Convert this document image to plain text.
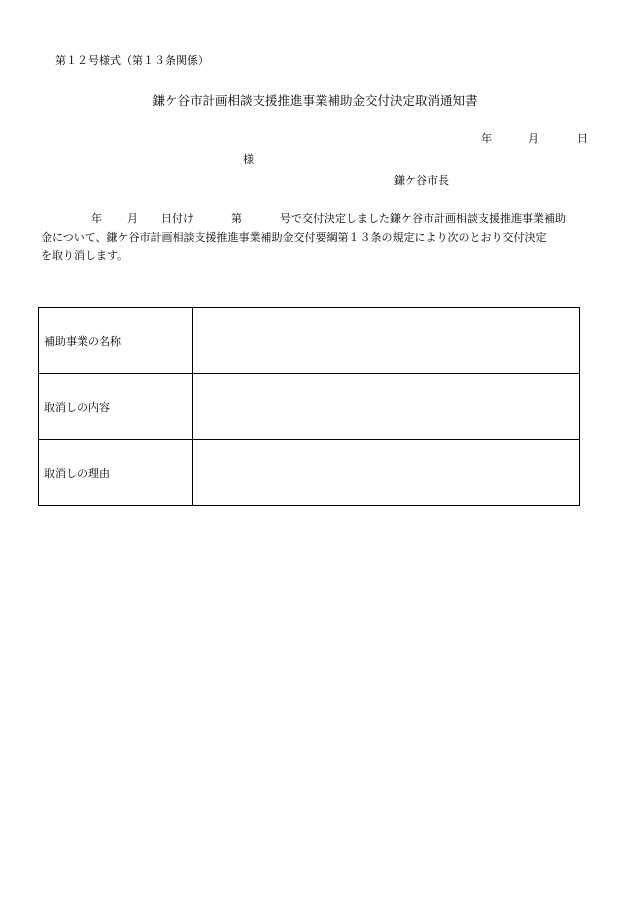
第１２号様式（第１３条関係）
鎌ケ谷市計画相談支援推進事業補助金交付決定取消通知書
年	月	日
様
鎌ケ谷市長
年 月 日付け	第	号で交付決定しました鎌ケ谷市計画相談支援推進事業補助
金について、鎌ケ谷市計画相談支援推進事業補助金交付要綱第１３条の規定により次のとおり交付決定
を取り消します。
補助事業の名称	
取消しの内容	
取消しの理由	
